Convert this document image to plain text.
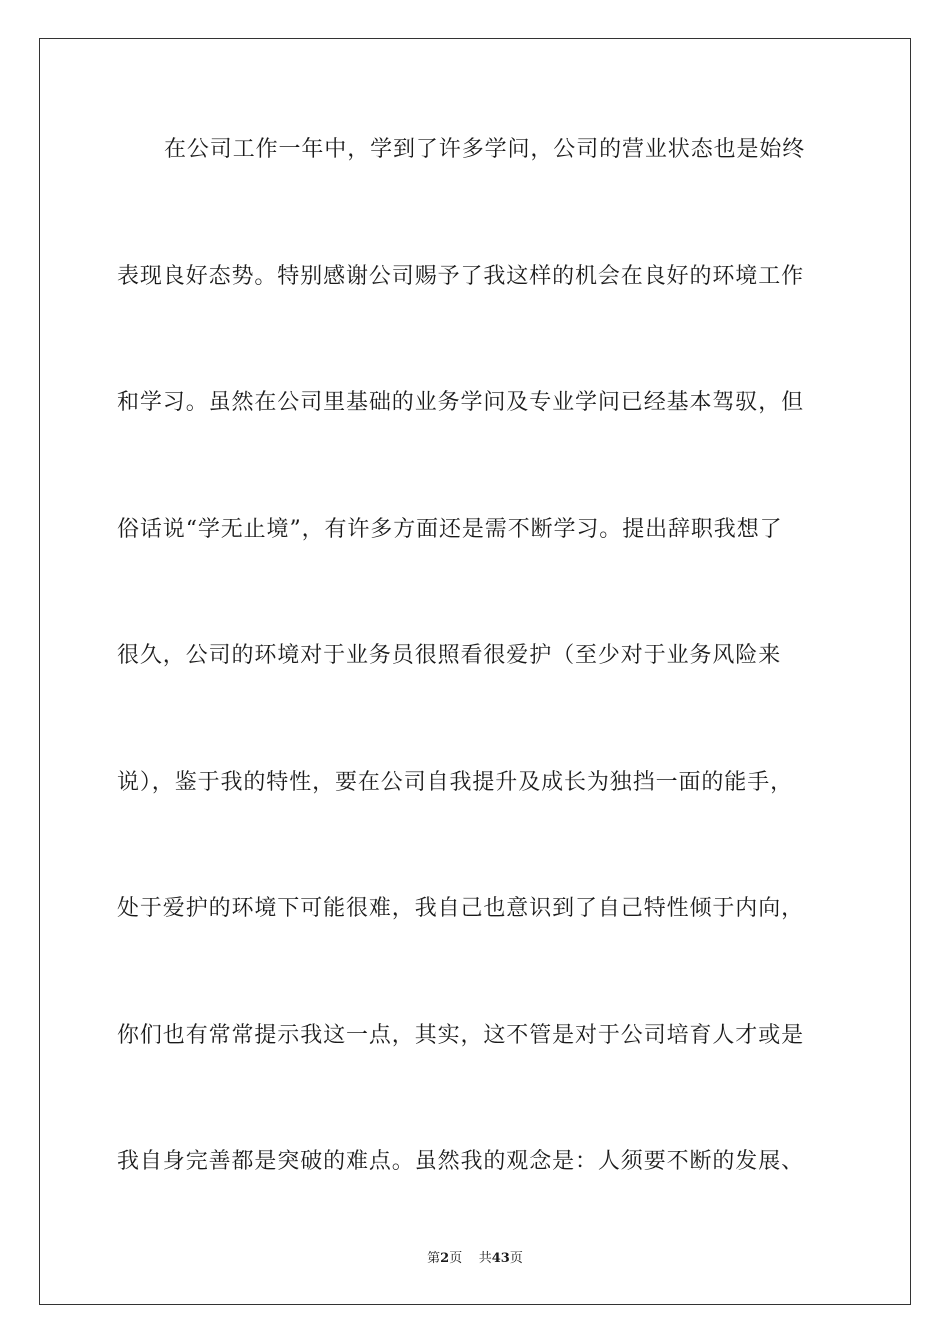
在公司工作一年中，学到了许多学问，公司的营业状态也是始终
表现良好态势。特别感谢公司赐予了我这样的机会在良好的环境工作
和学习。虽然在公司里基础的业务学问及专业学问已经基本驾驭，但
俗话说“学无止境”，有许多方面还是需不断学习。提出辞职我想了
很久，公司的环境对于业务员很照看很爱护（至少对于业务风险来
说），鉴于我的特性，要在公司自我提升及成长为独挡一面的能手，
处于爱护的环境下可能很难，我自己也意识到了自己特性倾于内向，
你们也有常常提示我这一点，其实，这不管是对于公司培育人才或是
我自身完善都是突破的难点。虽然我的观念是：人须要不断的发展、
第2页 共43页
